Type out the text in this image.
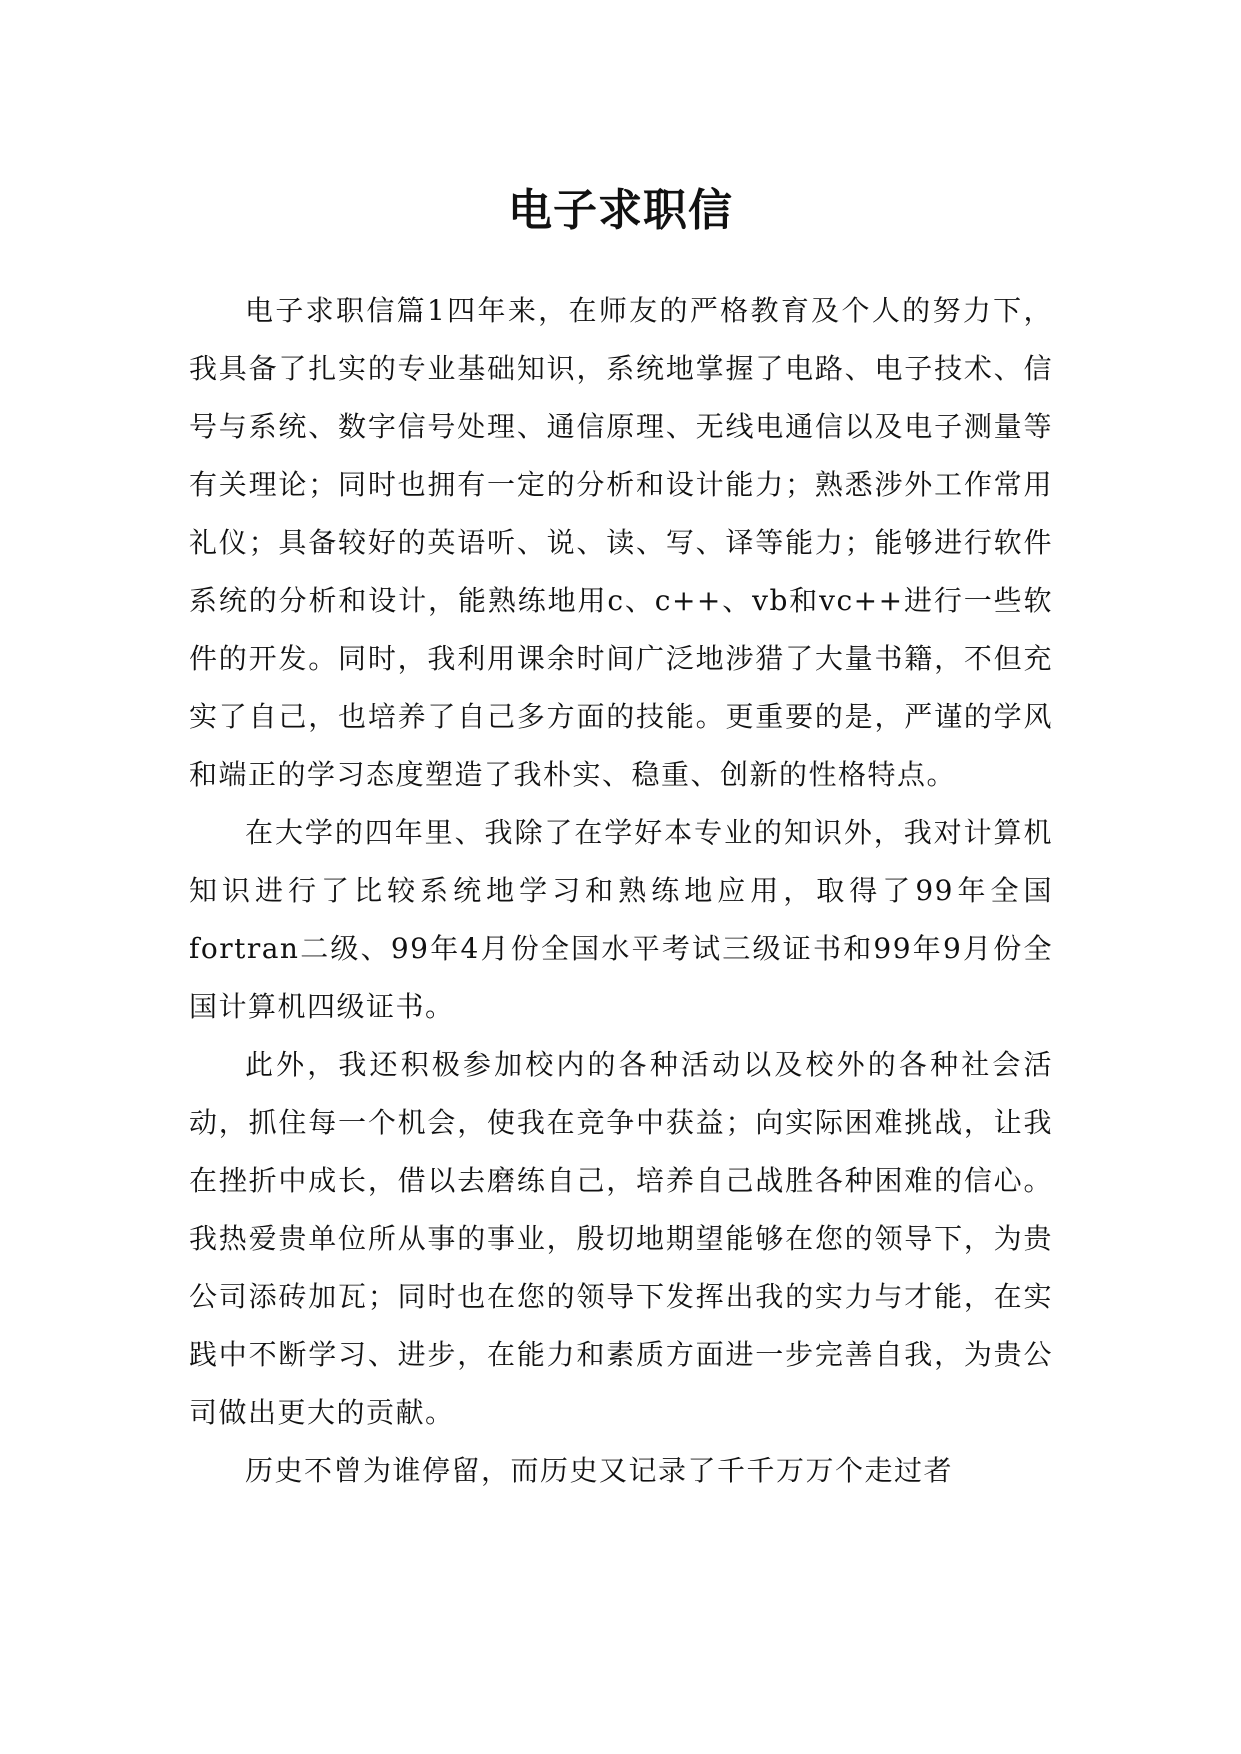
电子求职信

电子求职信篇1四年来，在师友的严格教育及个人的努力下，我具备了扎实的专业基础知识，系统地掌握了电路、电子技术、信号与系统、数字信号处理、通信原理、无线电通信以及电子测量等有关理论；同时也拥有一定的分析和设计能力；熟悉涉外工作常用礼仪；具备较好的英语听、说、读、写、译等能力；能够进行软件系统的分析和设计，能熟练地用c、c++、vb和vc++进行一些软件的开发。同时，我利用课余时间广泛地涉猎了大量书籍，不但充实了自己，也培养了自己多方面的技能。更重要的是，严谨的学风和端正的学习态度塑造了我朴实、稳重、创新的性格特点。

在大学的四年里、我除了在学好本专业的知识外，我对计算机知识进行了比较系统地学习和熟练地应用，取得了99年全国fortran二级、99年4月份全国水平考试三级证书和99年9月份全国计算机四级证书。

此外，我还积极参加校内的各种活动以及校外的各种社会活动，抓住每一个机会，使我在竞争中获益；向实际困难挑战，让我在挫折中成长，借以去磨练自己，培养自己战胜各种困难的信心。我热爱贵单位所从事的事业，殷切地期望能够在您的领导下，为贵公司添砖加瓦；同时也在您的领导下发挥出我的实力与才能，在实践中不断学习、进步，在能力和素质方面进一步完善自我，为贵公司做出更大的贡献。

历史不曾为谁停留，而历史又记录了千千万万个走过者
